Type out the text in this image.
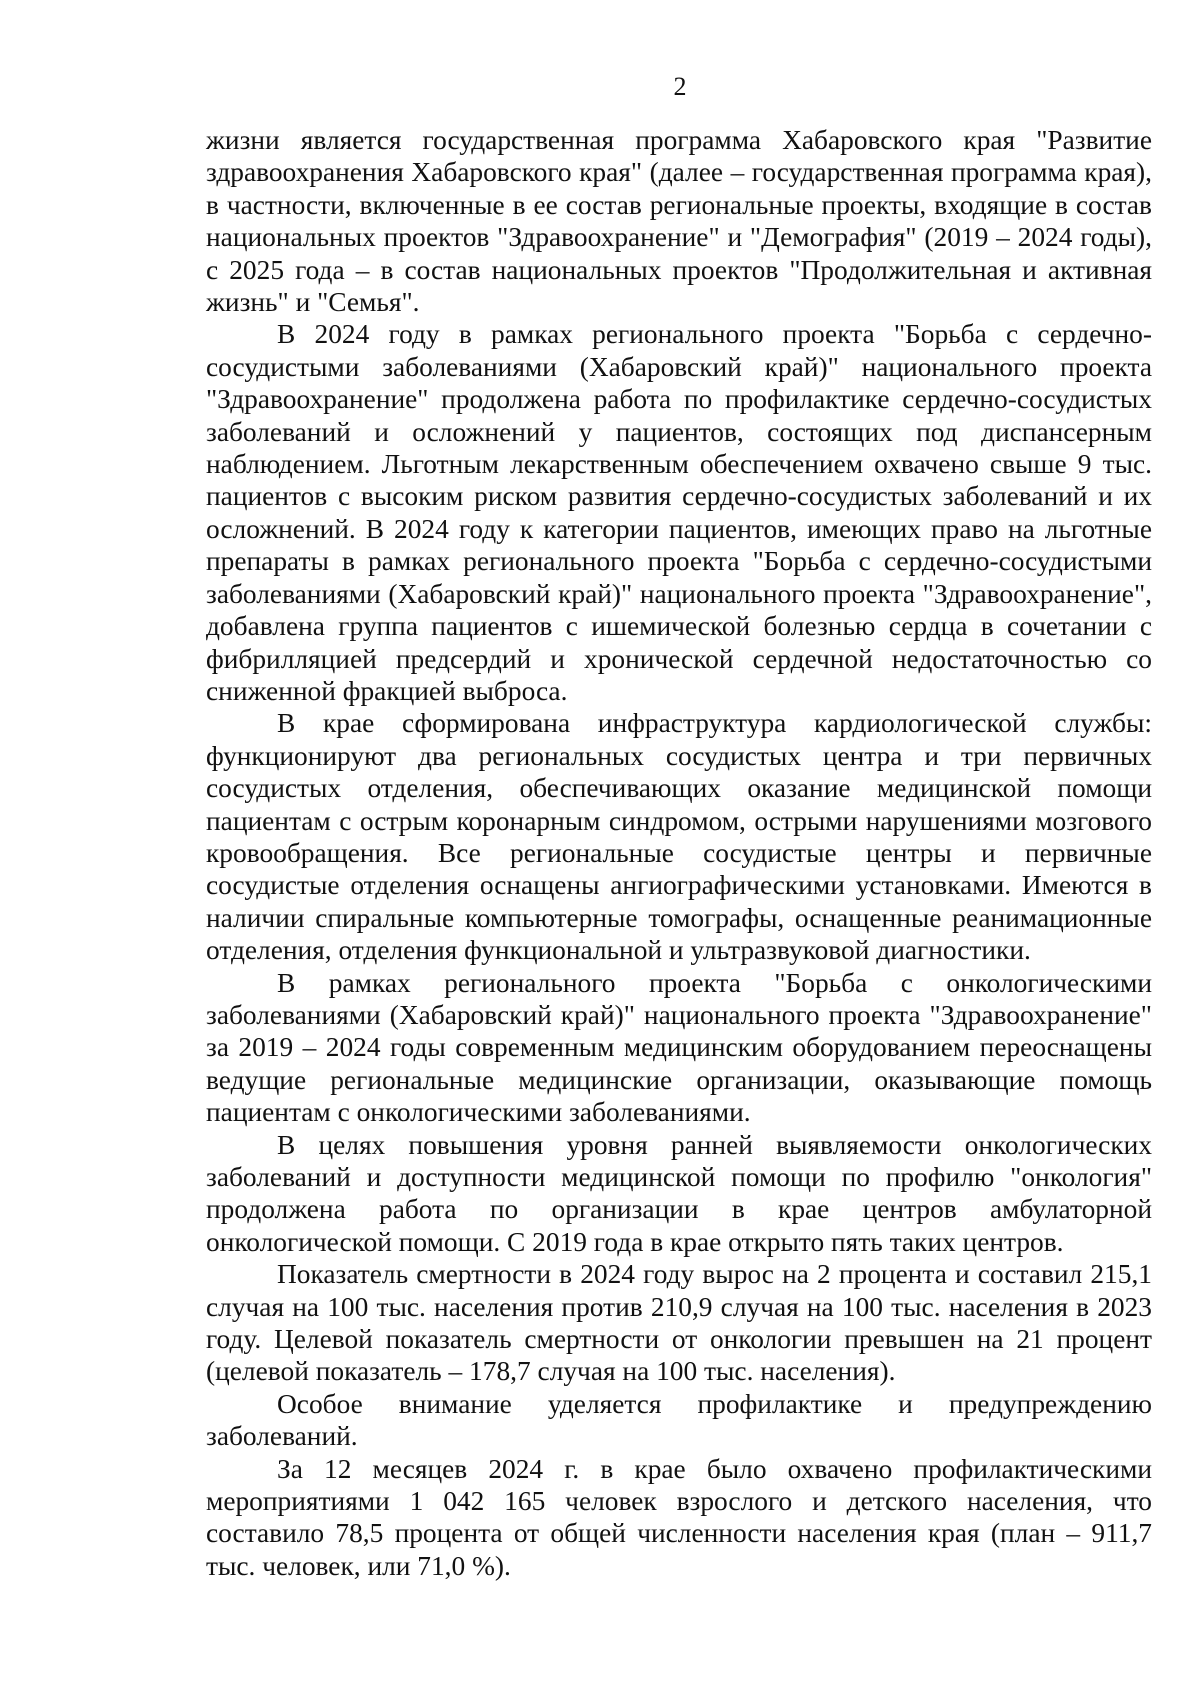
2

жизни является государственная программа Хабаровского края "Развитие здравоохранения Хабаровского края" (далее – государственная программа края), в частности, включенные в ее состав региональные проекты, входящие в состав национальных проектов "Здравоохранение" и "Демография" (2019 – 2024 годы), с 2025 года – в состав национальных проектов "Продолжительная и активная жизнь" и "Семья".

В 2024 году в рамках регионального проекта "Борьба с сердечно-сосудистыми заболеваниями (Хабаровский край)" национального проекта "Здравоохранение" продолжена работа по профилактике сердечно-сосудистых заболеваний и осложнений у пациентов, состоящих под диспансерным наблюдением. Льготным лекарственным обеспечением охвачено свыше 9 тыс. пациентов с высоким риском развития сердечно-сосудистых заболеваний и их осложнений. В 2024 году к категории пациентов, имеющих право на льготные препараты в рамках регионального проекта "Борьба с сердечно-сосудистыми заболеваниями (Хабаровский край)" национального проекта "Здравоохранение", добавлена группа пациентов с ишемической болезнью сердца в сочетании с фибрилляцией предсердий и хронической сердечной недостаточностью со сниженной фракцией выброса.

В крае сформирована инфраструктура кардиологической службы: функционируют два региональных сосудистых центра и три первичных сосудистых отделения, обеспечивающих оказание медицинской помощи пациентам с острым коронарным синдромом, острыми нарушениями мозгового кровообращения. Все региональные сосудистые центры и первичные сосудистые отделения оснащены ангиографическими установками. Имеются в наличии спиральные компьютерные томографы, оснащенные реанимационные отделения, отделения функциональной и ультразвуковой диагностики.

В рамках регионального проекта "Борьба с онкологическими заболеваниями (Хабаровский край)" национального проекта "Здравоохранение" за 2019 – 2024 годы современным медицинским оборудованием переоснащены ведущие региональные медицинские организации, оказывающие помощь пациентам с онкологическими заболеваниями.

В целях повышения уровня ранней выявляемости онкологических заболеваний и доступности медицинской помощи по профилю "онкология" продолжена работа по организации в крае центров амбулаторной онкологической помощи. С 2019 года в крае открыто пять таких центров.

Показатель смертности в 2024 году вырос на 2 процента и составил 215,1 случая на 100 тыс. населения против 210,9 случая на 100 тыс. населения в 2023 году. Целевой показатель смертности от онкологии превышен на 21 процент (целевой показатель – 178,7 случая на 100 тыс. населения).

Особое внимание уделяется профилактике и предупреждению заболеваний.

За 12 месяцев 2024 г. в крае было охвачено профилактическими мероприятиями 1 042 165 человек взрослого и детского населения, что составило 78,5 процента от общей численности населения края (план – 911,7 тыс. человек, или 71,0 %).
